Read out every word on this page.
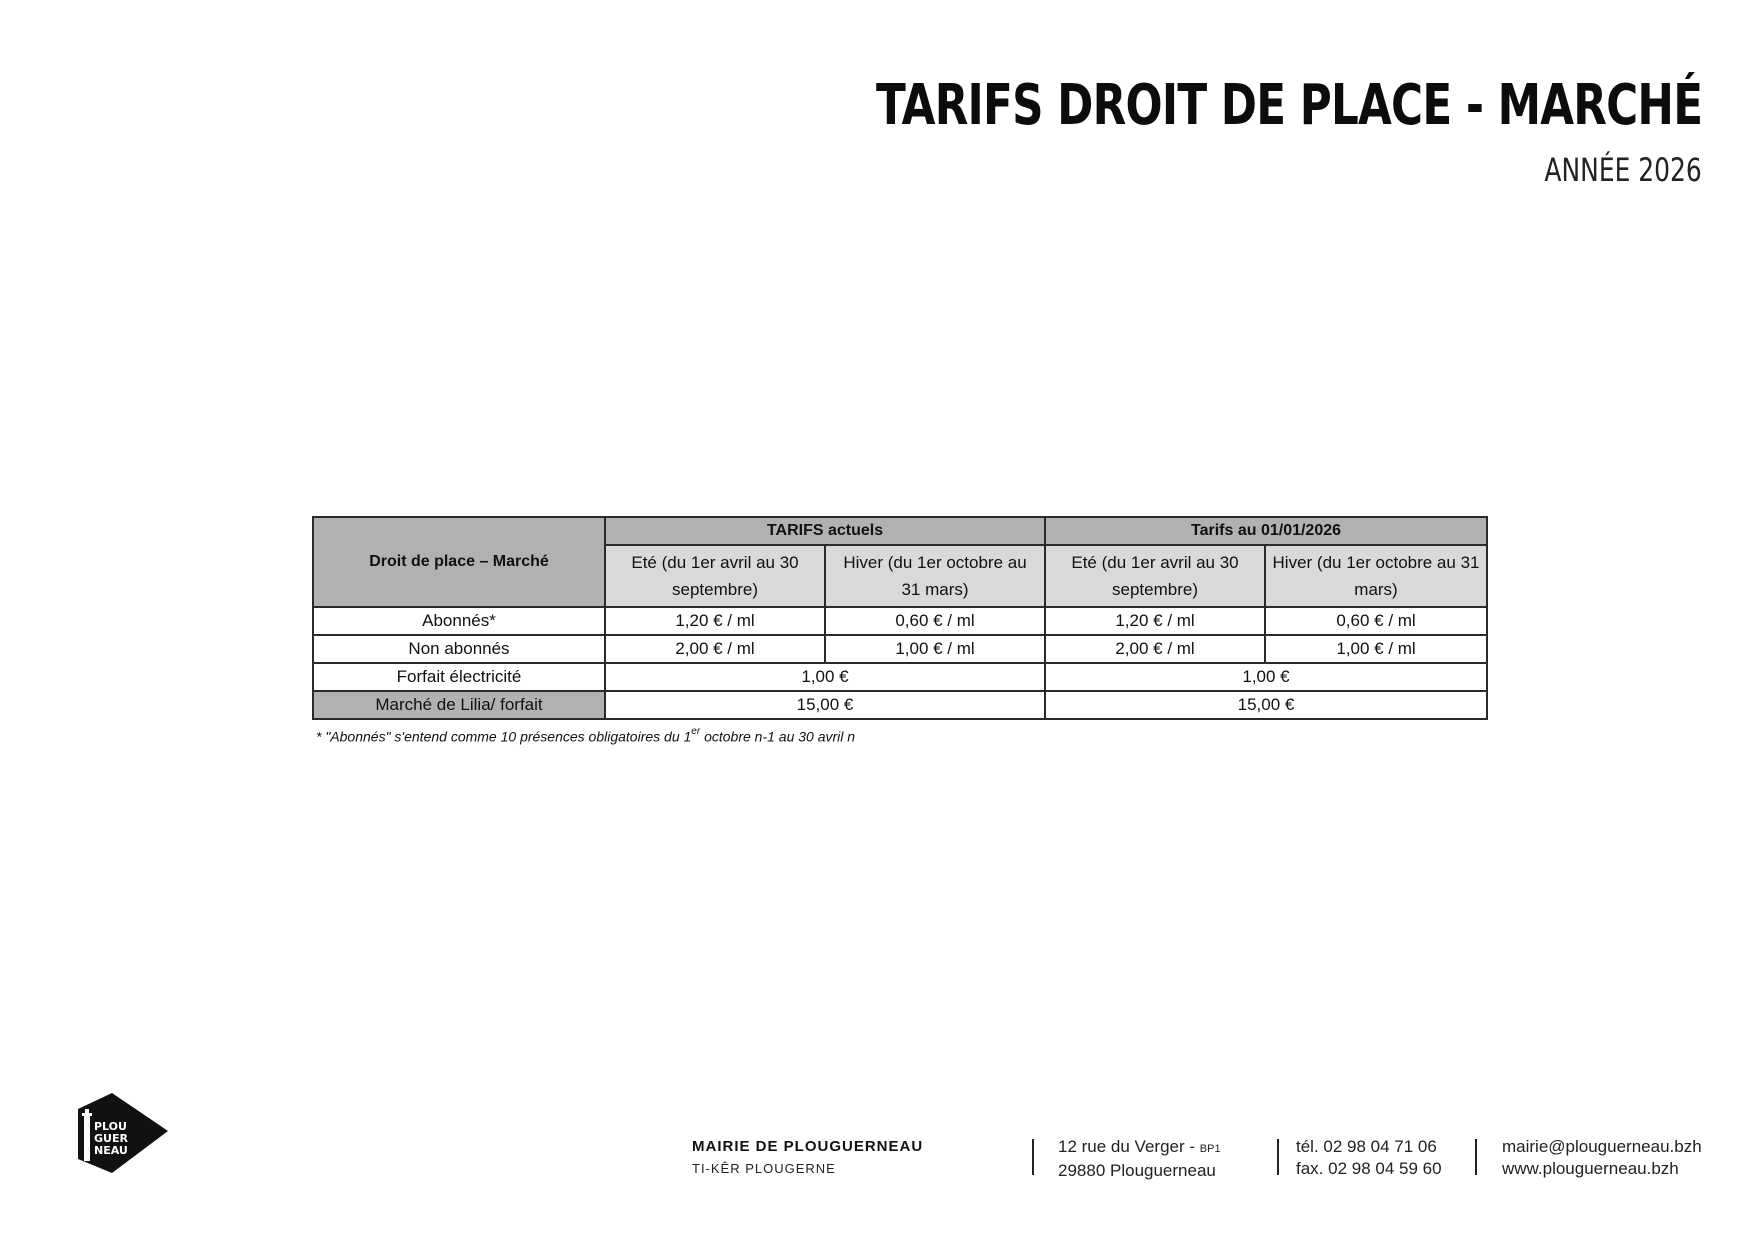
TARIFS DROIT DE PLACE - MARCHÉ
ANNÉE 2026
Droit de place – Marché	TARIFS actuels		Tarifs au 01/01/2026	
	Eté (du 1er avril au 30 septembre)	Hiver (du 1er octobre au 31 mars)	Eté (du 1er avril au 30 septembre)	Hiver (du 1er octobre au 31 mars)
Abonnés*	1,20 € / ml	0,60 € / ml	1,20 € / ml	0,60 € / ml
Non abonnés	2,00 € / ml	1,00 € / ml	2,00 € / ml	1,00 € / ml
Forfait électricité	1,00 €		1,00 €	
Marché de Lilia/ forfait	15,00 €		15,00 €	
* "Abonnés" s'entend comme 10 présences obligatoires du 1er octobre n-1 au 30 avril n
PLOU
GUER
NEAU	MAIRIE DE PLOUGUERNEAU
TI-KÊR PLOUGERNE
12 rue du Verger - BP1
29880 Plouguerneau
tél. 02 98 04 71 06
fax. 02 98 04 59 60
mairie@plouguerneau.bzh
www.plouguerneau.bzh
